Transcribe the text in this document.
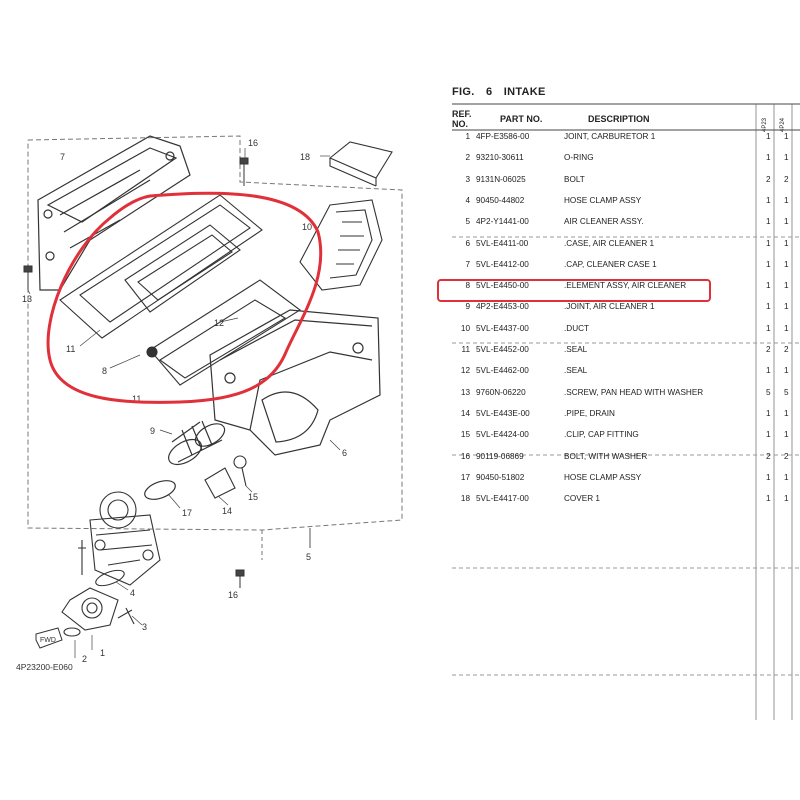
7
16
18
10
13
11
8
11
12
9
6
17	14
15
5
16
4
3
2
1
FWD
4P23200-E060
FIG. 6 INTAKE
REF. NO.	PART NO.	DESCRIPTION	4P23 4P24
1 4FP-E3586-00	JOINT, CARBURETOR 1	1 1
2 93210-30611	O-RING	1 1
3 9131N-06025	BOLT	2 2
4 90450-44802	HOSE CLAMP ASSY	1 1
5 4P2-Y1441-00	AIR CLEANER ASSY.	1 1
6 5VL-E4411-00	.CASE, AIR CLEANER 1	1 1
7 5VL-E4412-00	.CAP, CLEANER CASE 1	1 1
8 5VL-E4450-00	.ELEMENT ASSY, AIR CLEANER	1 1
9 4P2-E4453-00	.JOINT, AIR CLEANER 1	1 1
10 5VL-E4437-00	.DUCT	1 1
11 5VL-E4452-00	.SEAL	2 2
12 5VL-E4462-00	.SEAL	1 1
13 9760N-06220	.SCREW, PAN HEAD WITH WASHER	5 5
14 5VL-E443E-00	.PIPE, DRAIN	1 1
15 5VL-E4424-00	.CLIP, CAP FITTING	1 1
16 90119-06869	BOLT, WITH WASHER	2 2
17 90450-51802	HOSE CLAMP ASSY	1 1
18 5VL-E4417-00	COVER 1	1 1
